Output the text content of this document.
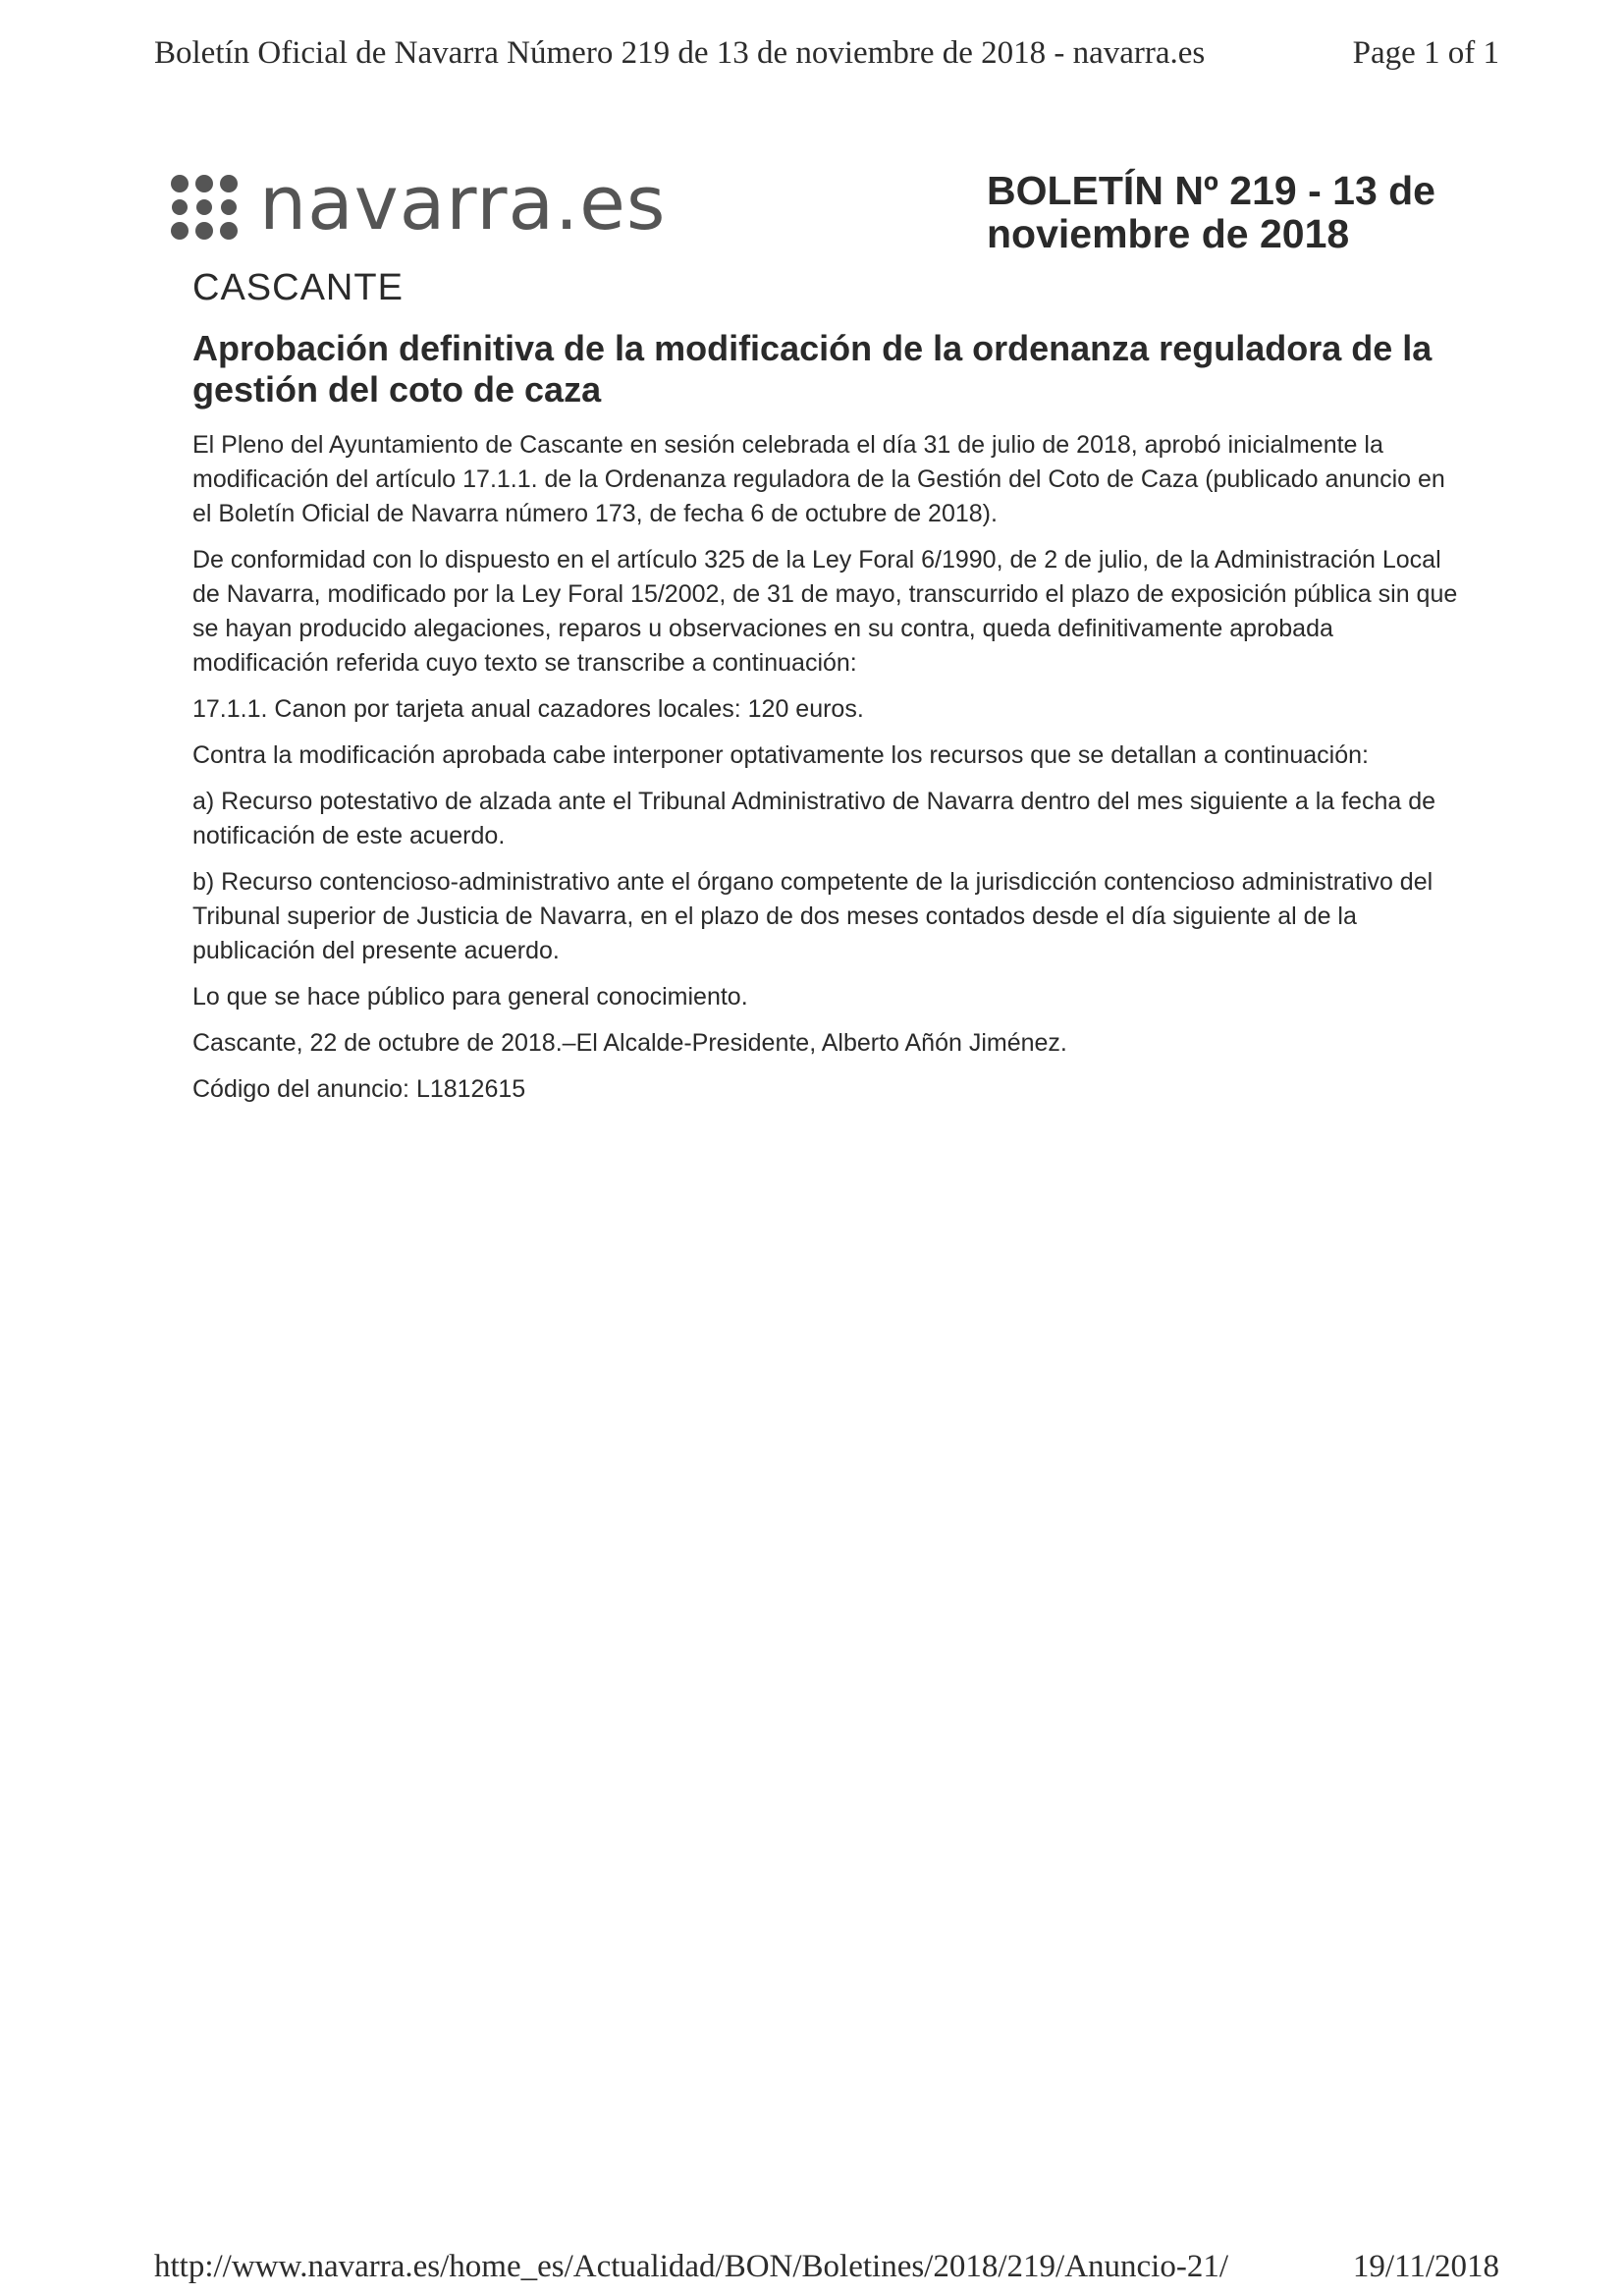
Boletín Oficial de Navarra Número 219 de 13 de noviembre de 2018 - navarra.es	Page 1 of 1
navarra.es	BOLETÍN Nº 219 - 13 de
noviembre de 2018
CASCANTE
Aprobación definitiva de la modificación de la ordenanza reguladora de la gestión del coto de caza

El Pleno del Ayuntamiento de Cascante en sesión celebrada el día 31 de julio de 2018, aprobó inicialmente la modificación del artículo 17.1.1. de la Ordenanza reguladora de la Gestión del Coto de Caza (publicado anuncio en el Boletín Oficial de Navarra número 173, de fecha 6 de octubre de 2018).

De conformidad con lo dispuesto en el artículo 325 de la Ley Foral 6/1990, de 2 de julio, de la Administración Local de Navarra, modificado por la Ley Foral 15/2002, de 31 de mayo, transcurrido el plazo de exposición pública sin que se hayan producido alegaciones, reparos u observaciones en su contra, queda definitivamente aprobada modificación referida cuyo texto se transcribe a continuación:

17.1.1. Canon por tarjeta anual cazadores locales: 120 euros.

Contra la modificación aprobada cabe interponer optativamente los recursos que se detallan a continuación:

a) Recurso potestativo de alzada ante el Tribunal Administrativo de Navarra dentro del mes siguiente a la fecha de notificación de este acuerdo.

b) Recurso contencioso-administrativo ante el órgano competente de la jurisdicción contencioso administrativo del Tribunal superior de Justicia de Navarra, en el plazo de dos meses contados desde el día siguiente al de la publicación del presente acuerdo.

Lo que se hace público para general conocimiento.

Cascante, 22 de octubre de 2018.–El Alcalde-Presidente, Alberto Añón Jiménez.

Código del anuncio: L1812615

http://www.navarra.es/home_es/Actualidad/BON/Boletines/2018/219/Anuncio-21/	19/11/2018
